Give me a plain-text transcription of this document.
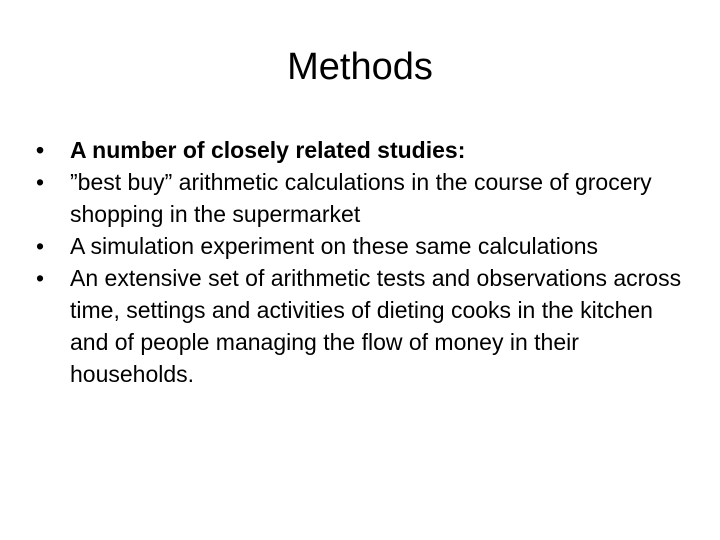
Methods
•	A number of closely related studies:
•	”best buy” arithmetic calculations in the course of grocery shopping in the supermarket
•	A simulation experiment on these same calculations
•	An extensive set of arithmetic tests and observations across time, settings and activities of dieting cooks in the kitchen and of people managing the flow of money in their households.
